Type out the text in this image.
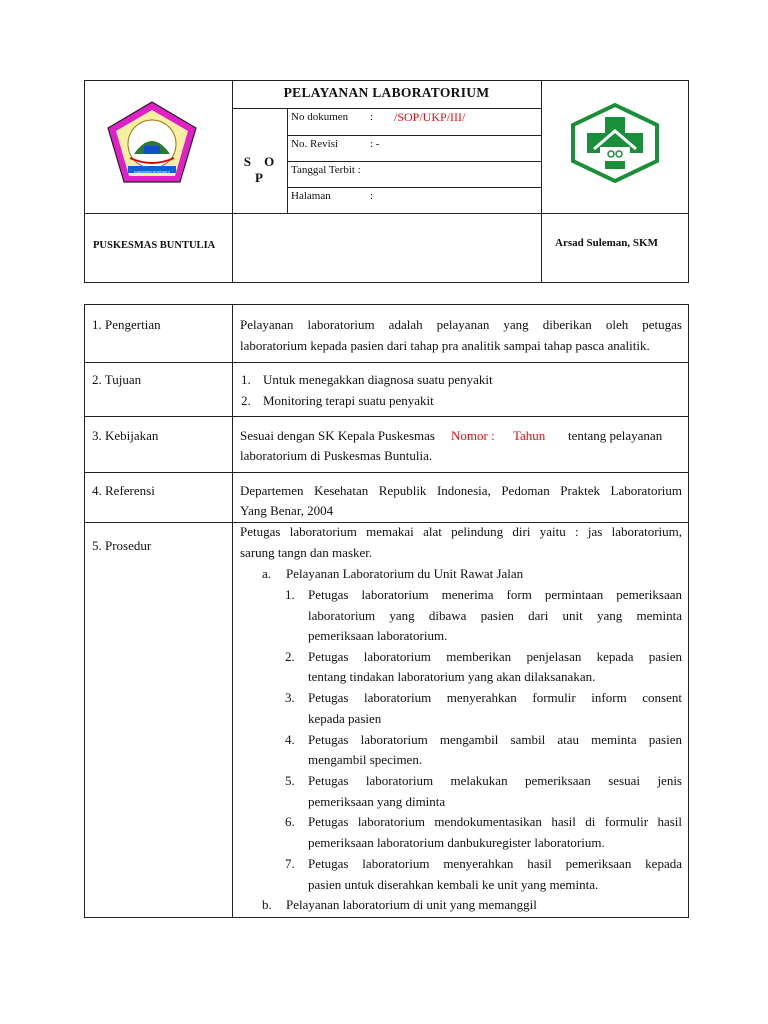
KABUPATEN POHUWATO
PELAYANAN LABORATORIUM
S O P
No dokumen : /SOP/UKP/III/
No. Revisi	: -
Tanggal Terbit :
Halaman	:
PUSKESMAS BUNTULIA	Arsad Suleman, SKM
1. Pengertian	Pelayanan laboratorium adalah pelayanan yang diberikan oleh petugas
laboratorium kepada pasien dari tahap pra analitik sampai tahap pasca analitik.
2. Tujuan	1. Untuk menegakkan diagnosa suatu penyakit
2. Monitoring terapi suatu penyakit
3. Kebijakan	Sesuai dengan SK Kepala Puskesmas Nomor : Tahun tentang pelayanan
laboratorium di Puskesmas Buntulia.
4. Referensi	Departemen Kesehatan Republik Indonesia, Pedoman Praktek Laboratorium
Yang Benar, 2004
5. Prosedur
Petugas laboratorium memakai alat pelindung diri yaitu : jas laboratorium,
sarung tangn dan masker.
a. Pelayanan Laboratorium du Unit Rawat Jalan
1. Petugas laboratorium menerima form permintaan pemeriksaan
laboratorium yang dibawa pasien dari unit yang meminta
pemeriksaan laboratorium.
2. Petugas laboratorium memberikan penjelasan kepada pasien
tentang tindakan laboratorium yang akan dilaksanakan.
3. Petugas laboratorium menyerahkan formulir inform consent
kepada pasien
4. Petugas laboratorium mengambil sambil atau meminta pasien
mengambil specimen.
5. Petugas laboratorium melakukan pemeriksaan sesuai jenis
pemeriksaan yang diminta
6. Petugas laboratorium mendokumentasikan hasil di formulir hasil
pemeriksaan laboratorium danbukuregister laboratorium.
7. Petugas laboratorium menyerahkan hasil pemeriksaan kepada
pasien untuk diserahkan kembali ke unit yang meminta.
b. Pelayanan laboratorium di unit yang memanggil
